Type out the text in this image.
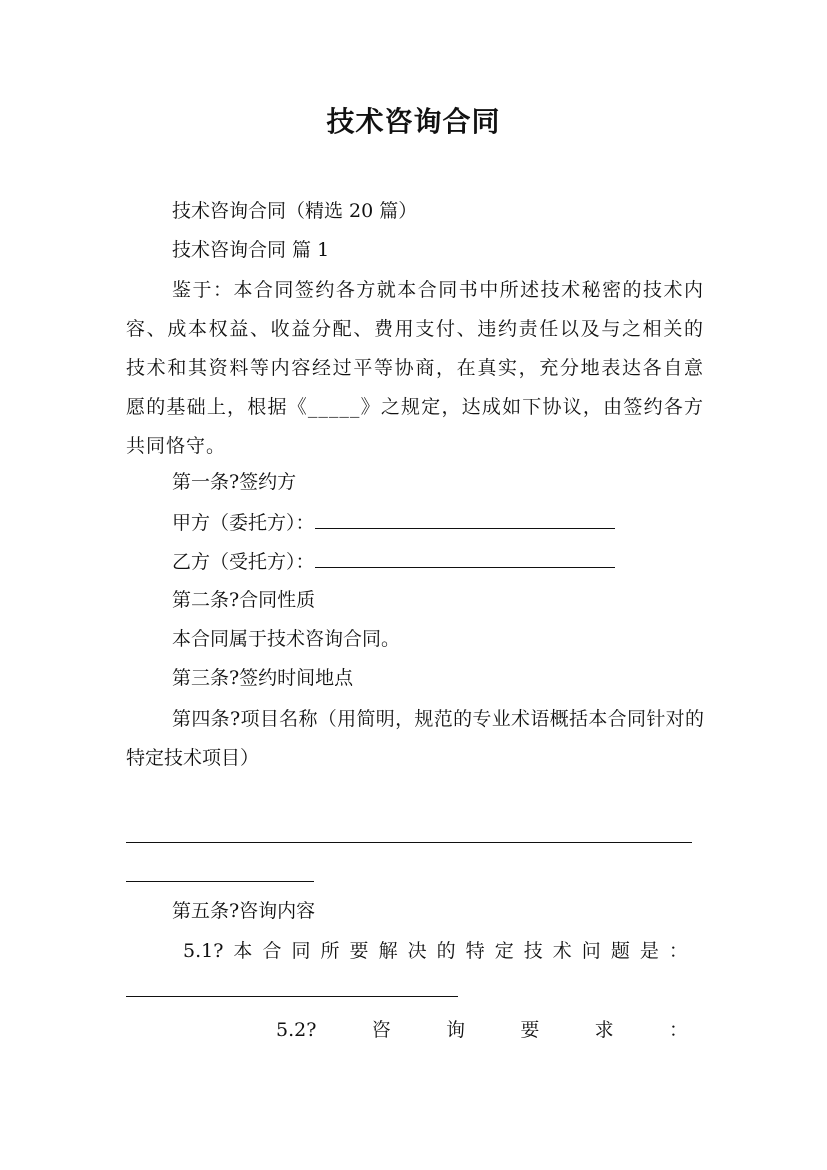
技术咨询合同
技术咨询合同（精选 20 篇）
技术咨询合同 篇 1
鉴于：本合同签约各方就本合同书中所述技术秘密的技术内容、成本权益、收益分配、费用支付、违约责任以及与之相关的技术和其资料等内容经过平等协商，在真实，充分地表达各自意愿的基础上，根据《_____》之规定，达成如下协议，由签约各方共同恪守。
第一条?签约方
甲方（委托方）：
乙方（受托方）：
第二条?合同性质
本合同属于技术咨询合同。
第三条?签约时间地点
第四条?项目名称（用简明，规范的专业术语概括本合同针对的特定技术项目）
第五条?咨询内容
5.1? 本 合 同 所 要 解 决 的 特 定 技 术 问 题 是 ：
5.2?	咨	询	要	求	：
